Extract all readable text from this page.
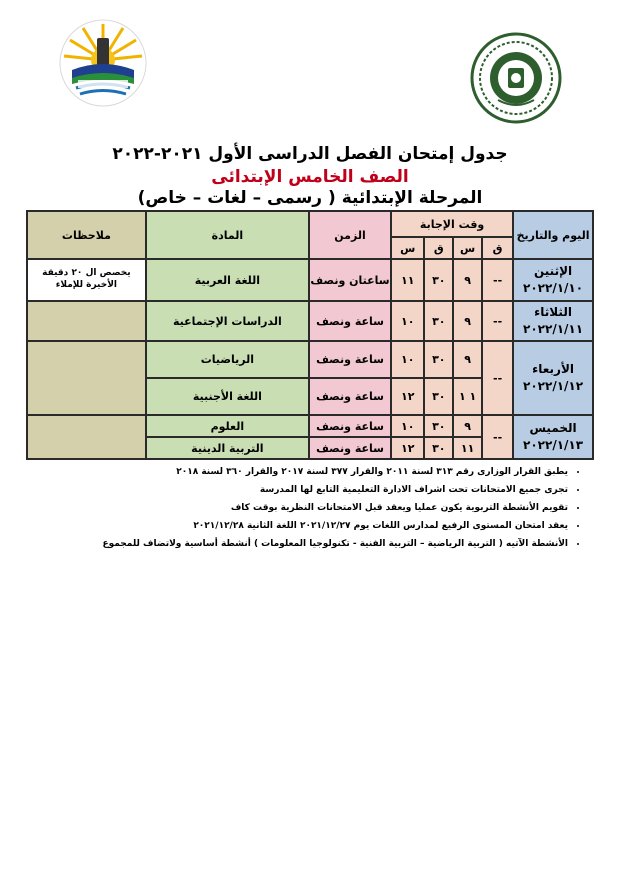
جدول إمتحان الفصل الدراسى الأول ٢٠٢١-٢٠٢٢
الصف الخامس الإبتدائى
المرحلة الإبتدائية ( رسمى – لغات – خاص)
اليوم والتاريخ	وقت الإجابة				الزمن	المادة	ملاحظات
	ق	س	ق	س			

الإثنين
٢٠٢٢/١/١٠	--	٩	٣٠	١١	ساعتان ونصف	اللغة العربية	يخصص ال ٢٠ دقيقة الأخيرة للإملاء

الثلاثاء
٢٠٢٢/١/١١	--	٩	٣٠	١٠	ساعة ونصف	الدراسات الإجتماعية	

الأربعاء
٢٠٢٢/١/١٢	--	٩	٣٠	١٠	ساعة ونصف	الرياضيات	
		١ ١	٣٠	١٢	ساعة ونصف	اللغة الأجنبية	

الخميس
٢٠٢٢/١/١٣	--	٩	٣٠	١٠	ساعة ونصف	العلوم	
		١١	٣٠	١٢	ساعة ونصف	التربية الدينية	
• يطبق القرار الوزارى رقم ٣١٣ لسنة ٢٠١١ والقرار ٣٧٧ لسنة ٢٠١٧ والقرار ٣٦٠ لسنة ٢٠١٨
• تجرى جميع الامتحانات تحت اشراف الادارة التعليمية التابع لها المدرسة
• تقويم الأنشطة التربوية يكون عمليا ويعقد قبل الامتحانات النظرية بوقت كاف
• يعقد امتحان المستوى الرفيع لمدارس اللغات يوم ٢٠٢١/١٢/٢٧ اللغة الثانية ٢٠٢١/١٢/٢٨
• الأنشطة الآتيه ( التربية الرياضية – التربية الفنية - تكنولوجيا المعلومات ) أنشطة أساسية ولاتضاف للمجموع
